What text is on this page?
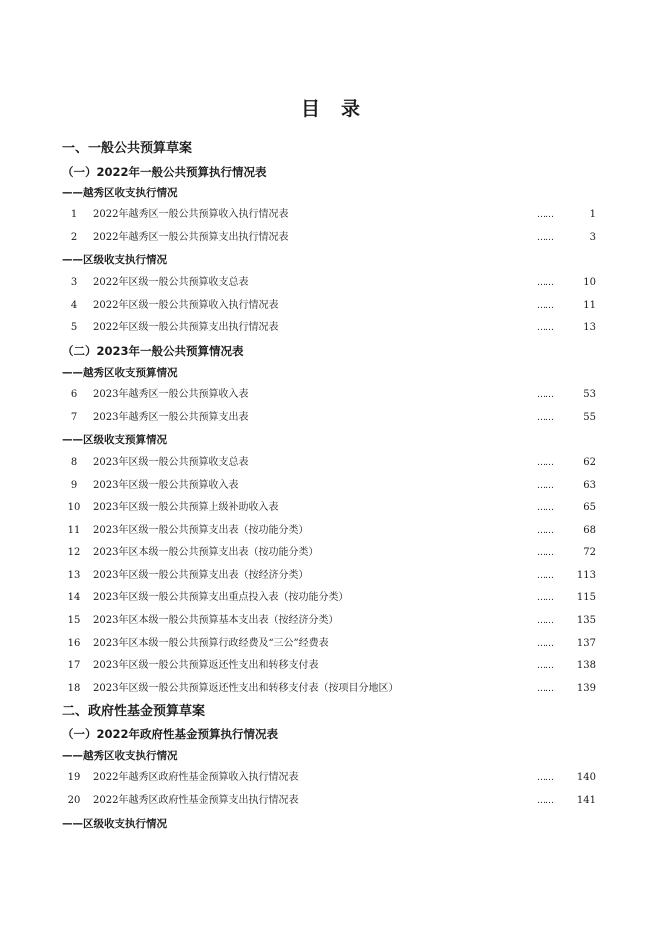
目　录
一、一般公共预算草案
（一）2022年一般公共预算执行情况表
——越秀区收支执行情况
1	2022年越秀区一般公共预算收入执行情况表	……	1
2	2022年越秀区一般公共预算支出执行情况表	……	3
——区级收支执行情况
3	2022年区级一般公共预算收支总表	……	10
4	2022年区级一般公共预算收入执行情况表	……	11
5	2022年区级一般公共预算支出执行情况表	……	13
（二）2023年一般公共预算情况表
——越秀区收支预算情况
6	2023年越秀区一般公共预算收入表	……	53
7	2023年越秀区一般公共预算支出表	……	55
——区级收支预算情况
8	2023年区级一般公共预算收支总表	……	62
9	2023年区级一般公共预算收入表	……	63
10	2023年区级一般公共预算上级补助收入表	……	65
11	2023年区级一般公共预算支出表（按功能分类）	……	68
12	2023年区本级一般公共预算支出表（按功能分类）	……	72
13	2023年区级一般公共预算支出表（按经济分类）	……	113
14	2023年区级一般公共预算支出重点投入表（按功能分类）	……	115
15	2023年区本级一般公共预算基本支出表（按经济分类）	……	135
16	2023年区本级一般公共预算行政经费及“三公”经费表	……	137
17	2023年区级一般公共预算返还性支出和转移支付表	……	138
18	2023年区级一般公共预算返还性支出和转移支付表（按项目分地区）	……	139
二、政府性基金预算草案
（一）2022年政府性基金预算执行情况表
——越秀区收支执行情况
19	2022年越秀区政府性基金预算收入执行情况表	……	140
20	2022年越秀区政府性基金预算支出执行情况表	……	141
——区级收支执行情况
